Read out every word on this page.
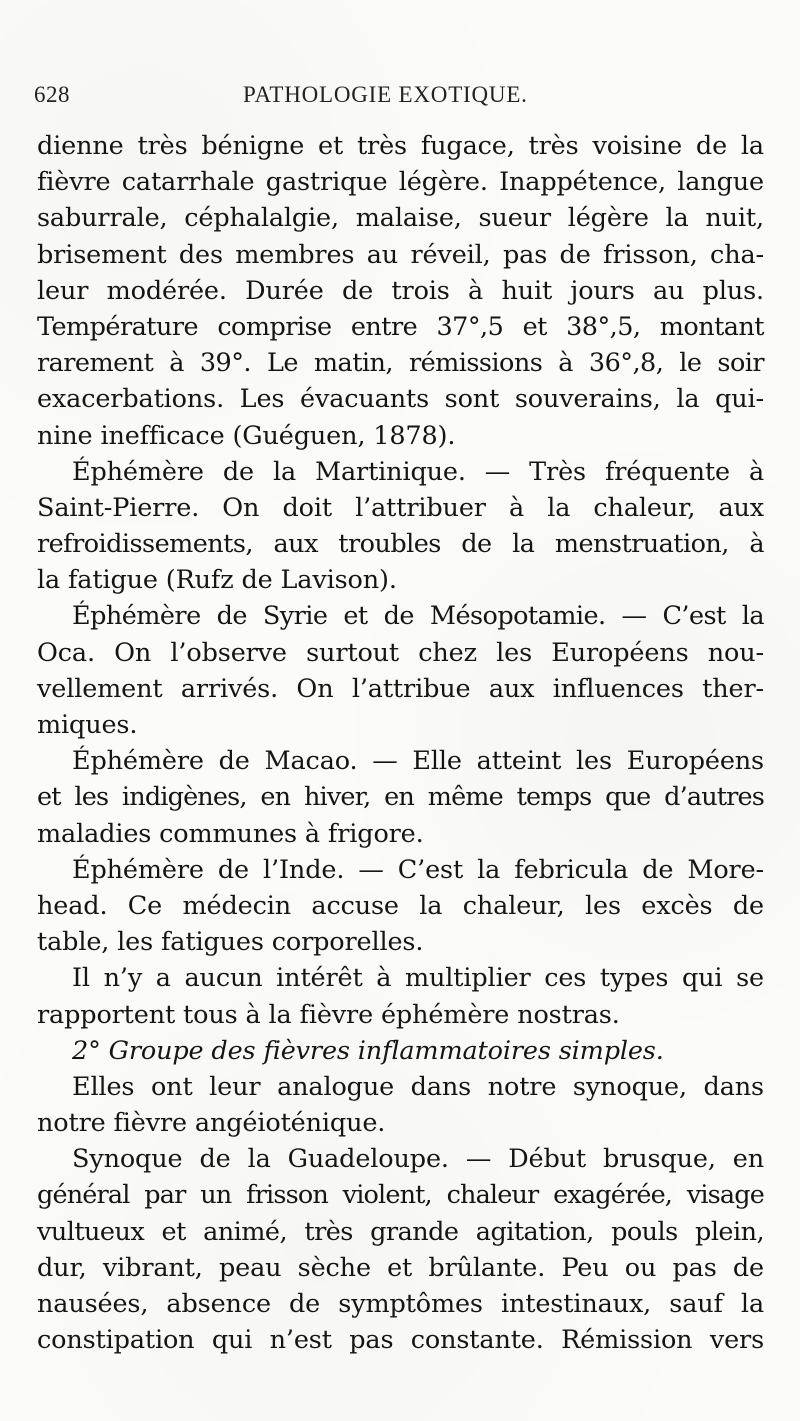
628	PATHOLOGIE EXOTIQUE.
dienne très bénigne et très fugace, très voisine de la
fièvre catarrhale gastrique légère. Inappétence, langue
saburrale, céphalalgie, malaise, sueur légère la nuit,
brisement des membres au réveil, pas de frisson, cha-
leur modérée. Durée de trois à huit jours au plus.
Température comprise entre 37°,5 et 38°,5, montant
rarement à 39°. Le matin, rémissions à 36°,8, le soir
exacerbations. Les évacuants sont souverains, la qui-
nine inefficace (Guéguen, 1878).
Éphémère de la Martinique. — Très fréquente à
Saint-Pierre. On doit l’attribuer à la chaleur, aux
refroidissements, aux troubles de la menstruation, à
la fatigue (Rufz de Lavison).
Éphémère de Syrie et de Mésopotamie. — C’est la
Oca. On l’observe surtout chez les Européens nou-
vellement arrivés. On l’attribue aux influences ther-
miques.
Éphémère de Macao. — Elle atteint les Européens
et les indigènes, en hiver, en même temps que d’autres
maladies communes à frigore.
Éphémère de l’Inde. — C’est la febricula de More-
head. Ce médecin accuse la chaleur, les excès de
table, les fatigues corporelles.
Il n’y a aucun intérêt à multiplier ces types qui se
rapportent tous à la fièvre éphémère nostras.
2° Groupe des fièvres inflammatoires simples.
Elles ont leur analogue dans notre synoque, dans
notre fièvre angéioténique.
Synoque de la Guadeloupe. — Début brusque, en
général par un frisson violent, chaleur exagérée, visage
vultueux et animé, très grande agitation, pouls plein,
dur, vibrant, peau sèche et brûlante. Peu ou pas de
nausées, absence de symptômes intestinaux, sauf la
constipation qui n’est pas constante. Rémission vers
